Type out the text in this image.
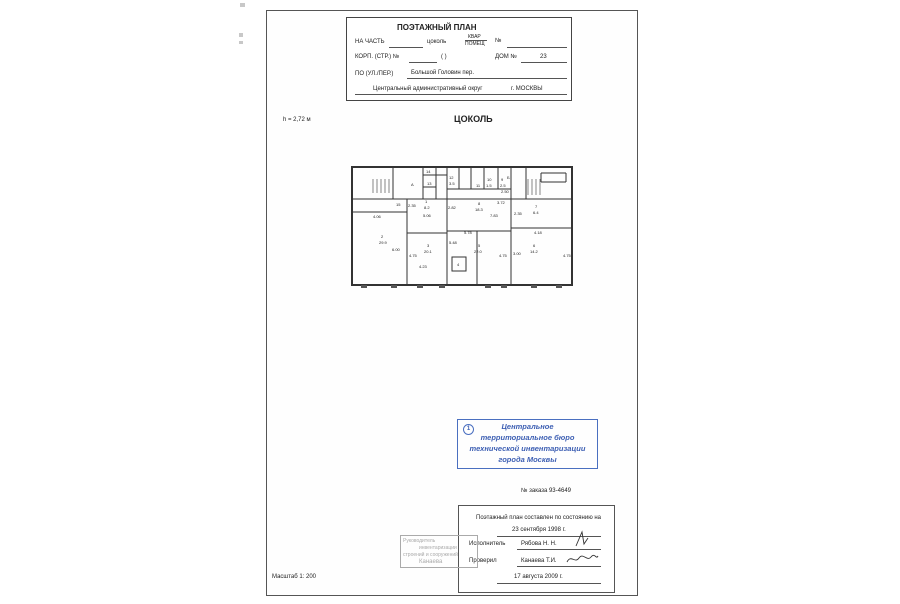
ПОЭТАЖНЫЙ ПЛАН
НА ЧАСТЬ	цоколь
КВАР
ПОМЕЩ №
КОРП. (СТР.) №	( )	ДОМ №	23
ПО (УЛ./ПЕР.)	Большой Головин пер.
Центральный административный округ	г. МОСКВЫ
h = 2,72 м	ЦОКОЛЬ
1
8.2
2
29.9
3
20.1
4
5
22.0
6
14.2
7
6.4
8
18.3
9
2.5
10
1.5
11
12
3.5
13
14
15
А
Б
4.06
2.35
5.06
2.82
7.83
3.72
2.35
6.00
4.75
4.23
5.78
5.48
4.75
4.18
3.00	4.75
2.50
1	Центральное
территориальное бюро
технической инвентаризации
города Москвы
№ заказа 93-4649
Поэтажный план составлен по состоянию на
23 сентября 1998 г.
Исполнитель	Рябова Н. Н.
Проверил	Канаева Т.И.
17 августа 2009 г.
Руководитель
инвентаризации
строений и сооружений
Канаева
Масштаб 1: 200
